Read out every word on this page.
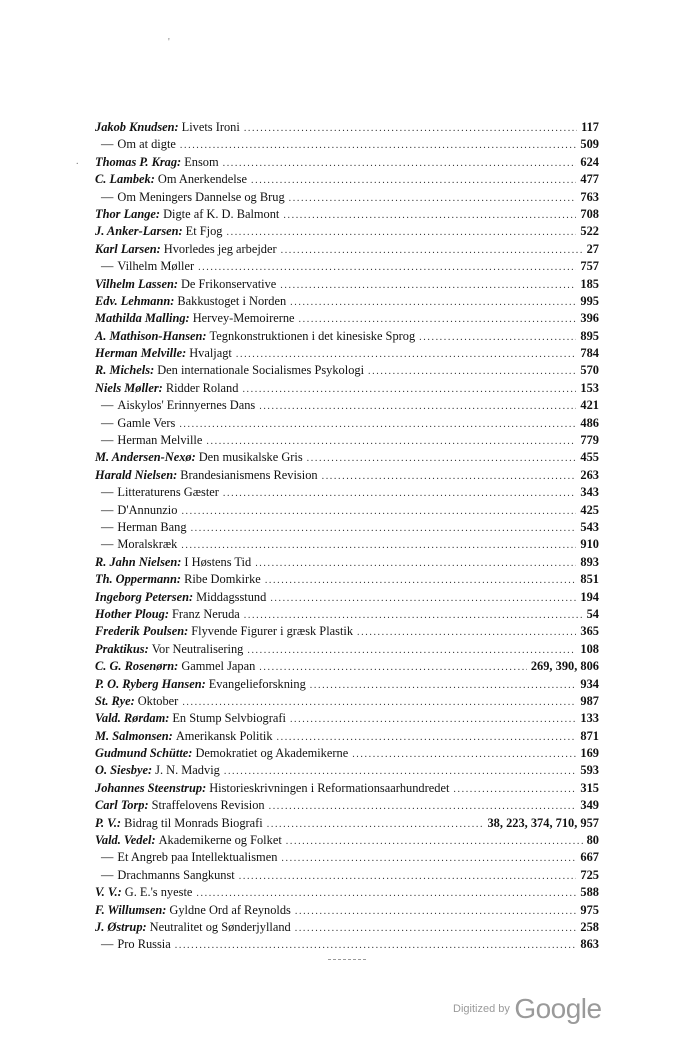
'
.
Jakob Knudsen: Livets Ironi .....	117
— Om at digte .....	509
Thomas P. Krag: Ensom .....	624
C. Lambek: Om Anerkendelse .....	477
— Om Meningers Dannelse og Brug .....	763
Thor Lange: Digte af K. D. Balmont .....	708
J. Anker-Larsen: Et Fjog .....	522
Karl Larsen: Hvorledes jeg arbejder .....	27
— Vilhelm Møller .....	757
Vilhelm Lassen: De Frikonservative .....	185
Edv. Lehmann: Bakkustoget i Norden .....	995
Mathilda Malling: Hervey-Memoirerne .....	396
A. Mathison-Hansen: Tegnkonstruktionen i det kinesiske Sprog .....	895
Herman Melville: Hvaljagt .....	784
R. Michels: Den internationale Socialismes Psykologi .....	570
Niels Møller: Ridder Roland .....	153
— Aiskylos' Erinnyernes Dans .....	421
— Gamle Vers .....	486
— Herman Melville .....	779
M. Andersen-Nexø: Den musikalske Gris .....	455
Harald Nielsen: Brandesianismens Revision .....	263
— Litteraturens Gæster .....	343
— D'Annunzio .....	425
— Herman Bang .....	543
— Moralskræk .....	910
R. Jahn Nielsen: I Høstens Tid .....	893
Th. Oppermann: Ribe Domkirke .....	851
Ingeborg Petersen: Middagsstund .....	194
Hother Ploug: Franz Neruda .....	54
Frederik Poulsen: Flyvende Figurer i græsk Plastik .....	365
Praktikus: Vor Neutralisering .....	108
C. G. Rosenørn: Gammel Japan .....	269, 390, 806
P. O. Ryberg Hansen: Evangelieforskning .....	934
St. Rye: Oktober .....	987
Vald. Rørdam: En Stump Selvbiografi .....	133
M. Salmonsen: Amerikansk Politik .....	871
Gudmund Schütte: Demokratiet og Akademikerne .....	169
O. Siesbye: J. N. Madvig .....	593
Johannes Steenstrup: Historieskrivningen i Reformationsaarhundredet .....	315
Carl Torp: Straffelovens Revision .....	349
P. V.: Bidrag til Monrads Biografi .....	38, 223, 374, 710, 957
Vald. Vedel: Akademikerne og Folket .....	80
— Et Angreb paa Intellektualismen .....	667
— Drachmanns Sangkunst .....	725
V. V.: G. E.'s nyeste .....	588
F. Willumsen: Gyldne Ord af Reynolds .....	975
J. Østrup: Neutralitet og Sønderjylland .....	258
— Pro Russia .....	863
Digitized by Google
